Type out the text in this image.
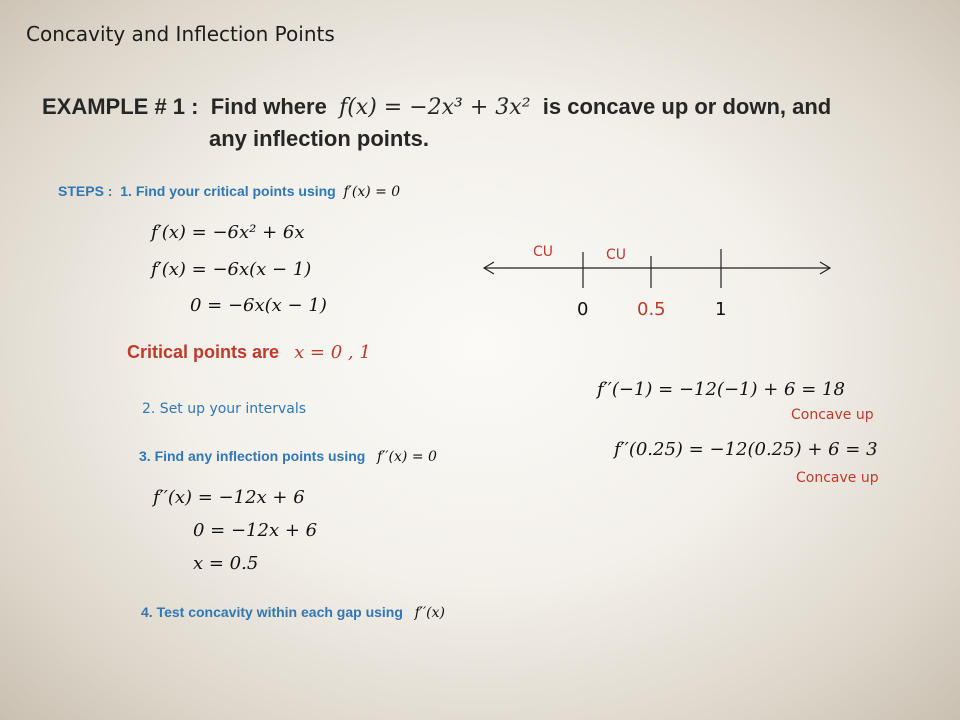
Concavity and Inflection Points
EXAMPLE # 1 : Find where f(x) = −2x³ + 3x² is concave up or down, and
any inflection points.
STEPS : 1. Find your critical points using f′(x) = 0
f′(x) = −6x² + 6x
f′(x) = −6x(x − 1)
0 = −6x(x − 1)
Critical points are x = 0 , 1
2. Set up your intervals
3. Find any inflection points using f′′(x) = 0
f′′(x) = −12x + 6
0 = −12x + 6
x = 0.5
4. Test concavity within each gap using f′′(x)
CU	CU
0	0.5	1
f′′(−1) = −12(−1) + 6 = 18
Concave up
f′′(0.25) = −12(0.25) + 6 = 3
Concave up
